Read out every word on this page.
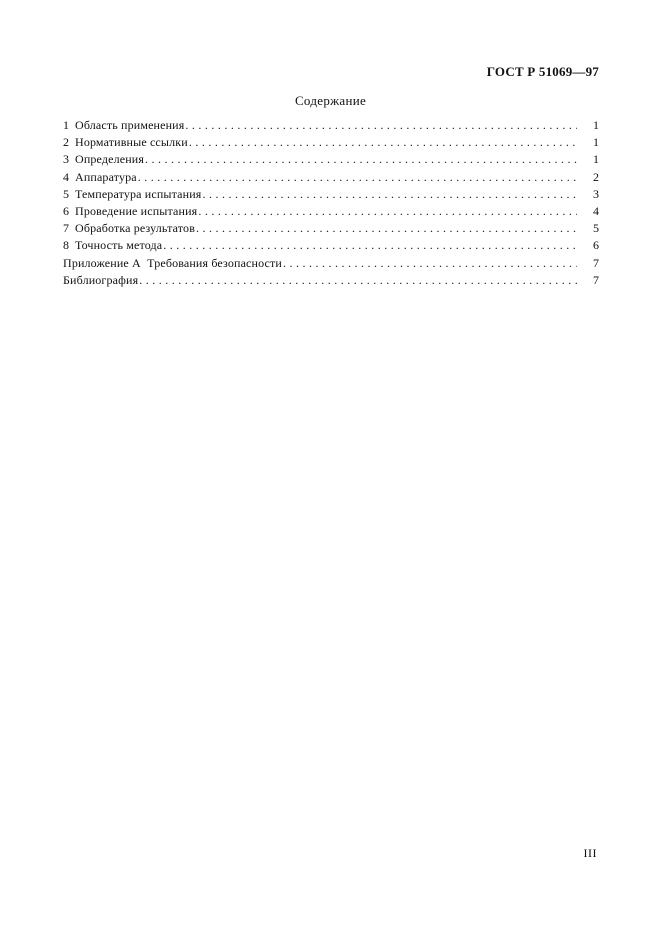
ГОСТ Р 51069—97
Содержание
1 Область применения . . .	1
2 Нормативные ссылки . . .	1
3 Определения . . .	1
4 Аппаратура . . .	2
5 Температура испытания . . .	3
6 Проведение испытания . . .	4
7 Обработка результатов . . .	5
8 Точность метода . . .	6
Приложение А  Требования безопасности . . .	7
Библиография . . .	7
III
